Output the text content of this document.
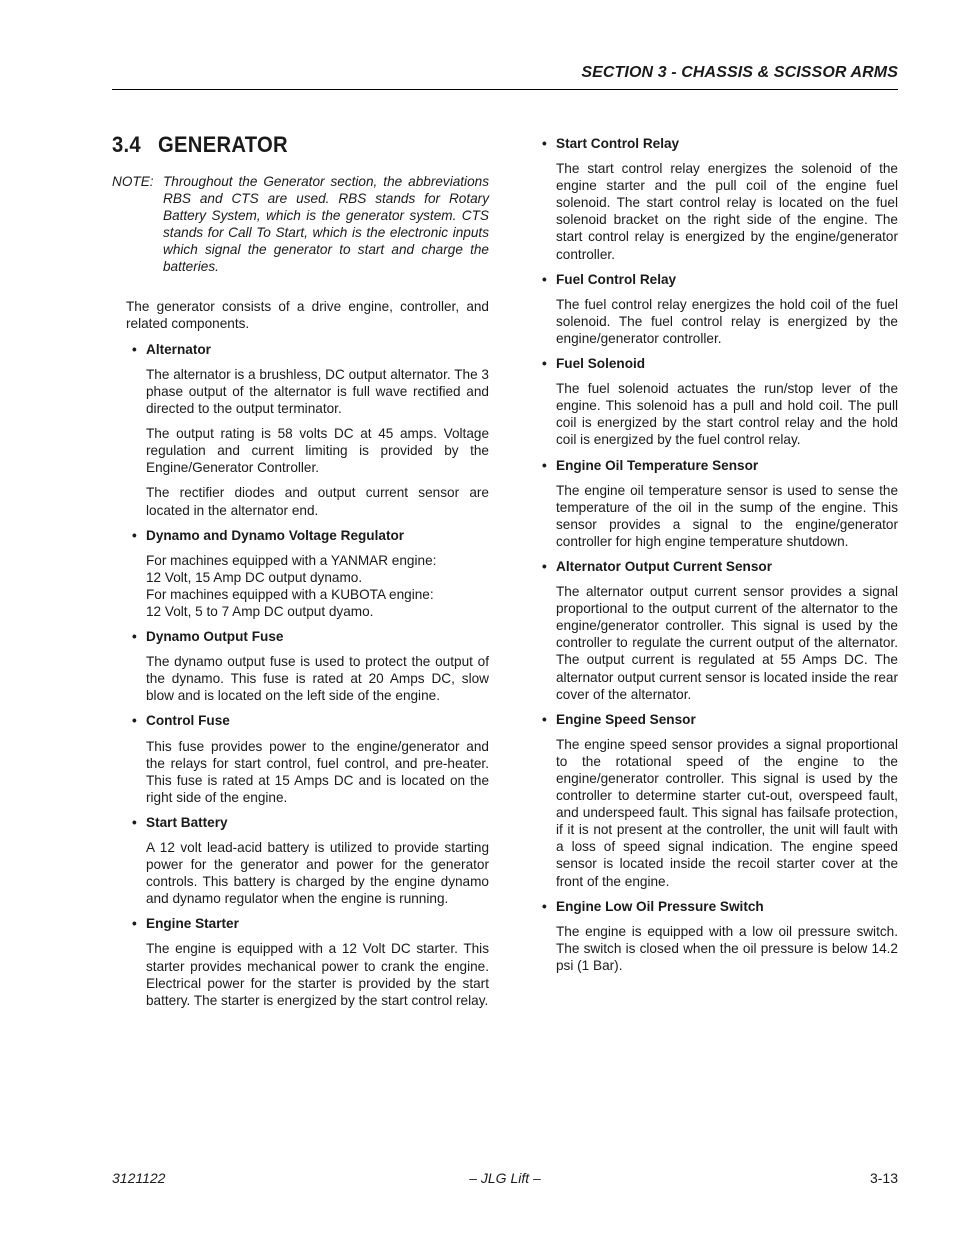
SECTION 3 - CHASSIS & SCISSOR ARMS
3.4 GENERATOR
NOTE: Throughout the Generator section, the abbreviations RBS and CTS are used. RBS stands for Rotary Battery System, which is the generator system. CTS stands for Call To Start, which is the electronic inputs which signal the generator to start and charge the batteries.
The generator consists of a drive engine, controller, and related components.
• Alternator
The alternator is a brushless, DC output alternator. The 3 phase output of the alternator is full wave rectified and directed to the output terminator.
The output rating is 58 volts DC at 45 amps. Voltage regulation and current limiting is provided by the Engine/Generator Controller.
The rectifier diodes and output current sensor are located in the alternator end.
• Dynamo and Dynamo Voltage Regulator
For machines equipped with a YANMAR engine:
12 Volt, 15 Amp DC output dynamo.
For machines equipped with a KUBOTA engine:
12 Volt, 5 to 7 Amp DC output dyamo.
• Dynamo Output Fuse
The dynamo output fuse is used to protect the output of the dynamo. This fuse is rated at 20 Amps DC, slow blow and is located on the left side of the engine.
• Control Fuse
This fuse provides power to the engine/generator and the relays for start control, fuel control, and pre-heater. This fuse is rated at 15 Amps DC and is located on the right side of the engine.
• Start Battery
A 12 volt lead-acid battery is utilized to provide starting power for the generator and power for the generator controls. This battery is charged by the engine dynamo and dynamo regulator when the engine is running.
• Engine Starter
The engine is equipped with a 12 Volt DC starter. This starter provides mechanical power to crank the engine. Electrical power for the starter is provided by the start battery. The starter is energized by the start control relay.
• Start Control Relay
The start control relay energizes the solenoid of the engine starter and the pull coil of the engine fuel solenoid. The start control relay is located on the fuel solenoid bracket on the right side of the engine. The start control relay is energized by the engine/generator controller.
• Fuel Control Relay
The fuel control relay energizes the hold coil of the fuel solenoid. The fuel control relay is energized by the engine/generator controller.
• Fuel Solenoid
The fuel solenoid actuates the run/stop lever of the engine. This solenoid has a pull and hold coil. The pull coil is energized by the start control relay and the hold coil is energized by the fuel control relay.
• Engine Oil Temperature Sensor
The engine oil temperature sensor is used to sense the temperature of the oil in the sump of the engine. This sensor provides a signal to the engine/generator controller for high engine temperature shutdown.
• Alternator Output Current Sensor
The alternator output current sensor provides a signal proportional to the output current of the alternator to the engine/generator controller. This signal is used by the controller to regulate the current output of the alternator. The output current is regulated at 55 Amps DC. The alternator output current sensor is located inside the rear cover of the alternator.
• Engine Speed Sensor
The engine speed sensor provides a signal proportional to the rotational speed of the engine to the engine/generator controller. This signal is used by the controller to determine starter cut-out, overspeed fault, and underspeed fault. This signal has failsafe protection, if it is not present at the controller, the unit will fault with a loss of speed signal indication. The engine speed sensor is located inside the recoil starter cover at the front of the engine.
• Engine Low Oil Pressure Switch
The engine is equipped with a low oil pressure switch. The switch is closed when the oil pressure is below 14.2 psi (1 Bar).
3121122	– JLG Lift –	3-13
